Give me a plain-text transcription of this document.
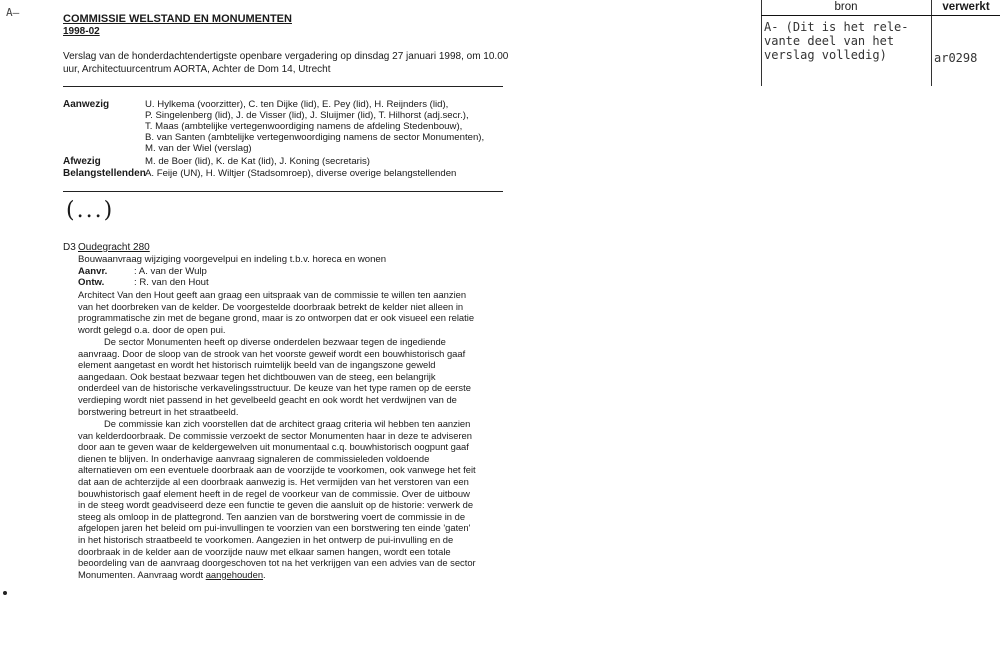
A–	COMMISSIE WELSTAND EN MONUMENTEN
1998-02
Verslag van de honderdachtendertigste openbare vergadering op dinsdag 27 januari 1998, om 10.00
uur, Architectuurcentrum AORTA, Achter de Dom 14, Utrecht
Aanwezig	U. Hylkema (voorzitter), C. ten Dijke (lid), E. Pey (lid), H. Reijnders (lid),
P. Singelenberg (lid), J. de Visser (lid), J. Sluijmer (lid), T. Hilhorst (adj.secr.),
T. Maas (ambtelijke vertegenwoordiging namens de afdeling Stedenbouw),
B. van Santen (ambtelijke vertegenwoordiging namens de sector Monumenten),
M. van der Wiel (verslag)
Afwezig	M. de Boer (lid), K. de Kat (lid), J. Koning (secretaris)
Belangstellenden A. Feije (UN), H. Wiltjer (Stadsomroep), diverse overige belangstellenden
(...)
D3 Oudegracht 280
Bouwaanvraag wijziging voorgevelpui en indeling t.b.v. horeca en wonen
Aanvr.	: A. van der Wulp
Ontw.	: R. van den Hout

Architect Van den Hout geeft aan graag een uitspraak van de commissie te willen ten aanzien

van het doorbreken van de kelder. De voorgestelde doorbraak betrekt de kelder niet alleen in

programmatische zin met de begane grond, maar is zo ontworpen dat er ook visueel een relatie

wordt gelegd o.a. door de open pui.

De sector Monumenten heeft op diverse onderdelen bezwaar tegen de ingediende

aanvraag. Door de sloop van de strook van het voorste geweif wordt een bouwhistorisch gaaf

element aangetast en wordt het historisch ruimtelijk beeld van de ingangszone geweld

aangedaan. Ook bestaat bezwaar tegen het dichtbouwen van de steeg, een belangrijk

onderdeel van de historische verkavelingsstructuur. De keuze van het type ramen op de eerste

verdieping wordt niet passend in het gevelbeeld geacht en ook wordt het verdwijnen van de

borstwering betreurt in het straatbeeld.

De commissie kan zich voorstellen dat de architect graag criteria wil hebben ten aanzien

van kelderdoorbraak. De commissie verzoekt de sector Monumenten haar in deze te adviseren

door aan te geven waar de keldergewelven uit monumentaal c.q. bouwhistorisch oogpunt gaaf

dienen te blijven. In onderhavige aanvraag signaleren de commissieleden voldoende

alternatieven om een eventuele doorbraak aan de voorzijde te voorkomen, ook vanwege het feit

dat aan de achterzijde al een doorbraak aanwezig is. Het vermijden van het verstoren van een

bouwhistorisch gaaf element heeft in de regel de voorkeur van de commissie. Over de uitbouw

in de steeg wordt geadviseerd deze een functie te geven die aansluit op de historie: verwerk de

steeg als omloop in de plattegrond. Ten aanzien van de borstwering voert de commissie in de

afgelopen jaren het beleid om pui-invullingen te voorzien van een borstwering ten einde 'gaten'

in het historisch straatbeeld te voorkomen. Aangezien in het ontwerp de pui-invulling en de

doorbraak in de kelder aan de voorzijde nauw met elkaar samen hangen, wordt een totale

beoordeling van de aanvraag doorgeschoven tot na het verkrijgen van een advies van de sector

Monumenten. Aanvraag wordt aangehouden.

bron	verwerkt
A- (Dit is het rele-
vante deel van het
verslag volledig)	ar0298
